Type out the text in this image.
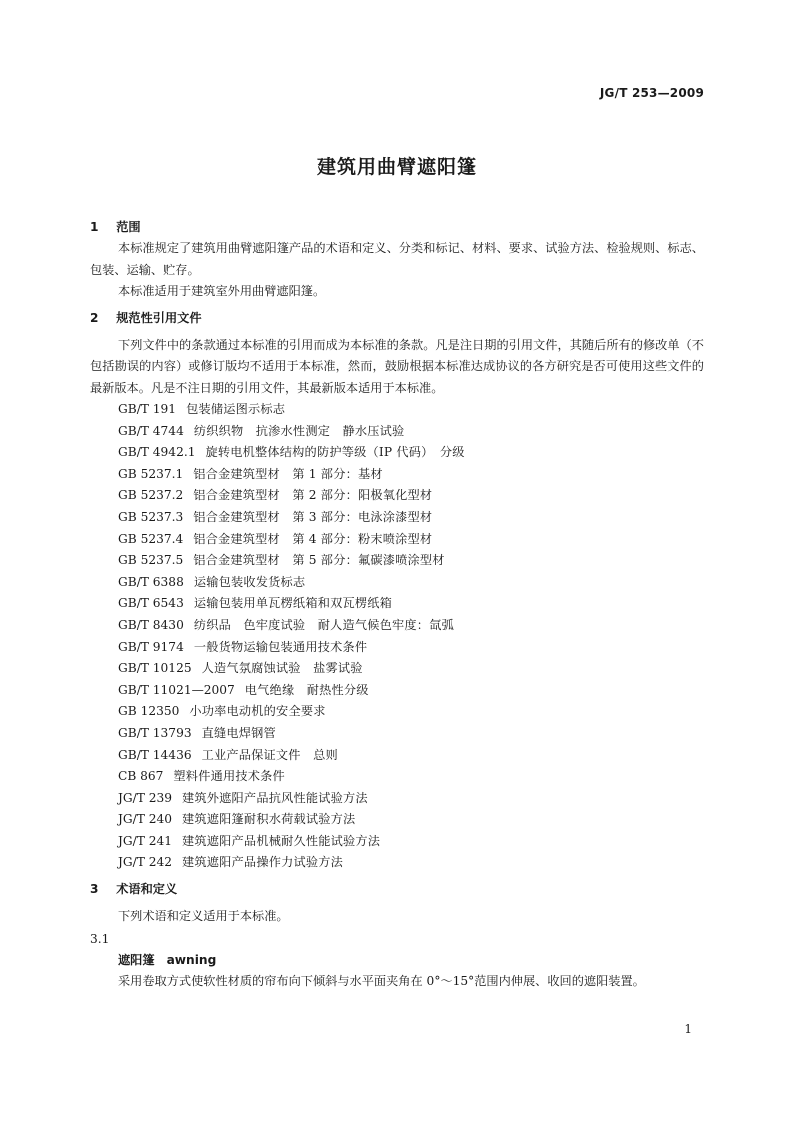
JG/T 253—2009
建筑用曲臂遮阳篷
1 范围

本标准规定了建筑用曲臂遮阳篷产品的术语和定义、分类和标记、材料、要求、试验方法、检验规则、标志、包装、运输、贮存。

本标准适用于建筑室外用曲臂遮阳篷。

2 规范性引用文件

下列文件中的条款通过本标准的引用而成为本标准的条款。凡是注日期的引用文件，其随后所有的修改单（不包括勘误的内容）或修订版均不适用于本标准，然而，鼓励根据本标准达成协议的各方研究是否可使用这些文件的最新版本。凡是不注日期的引用文件，其最新版本适用于本标准。

GB/T 191 包装储运图示标志
GB/T 4744 纺织织物　抗渗水性测定　静水压试验
GB/T 4942.1 旋转电机整体结构的防护等级（IP 代码）　分级
GB 5237.1 铝合金建筑型材　第 1 部分：基材
GB 5237.2 铝合金建筑型材　第 2 部分：阳极氧化型材
GB 5237.3 铝合金建筑型材　第 3 部分：电泳涂漆型材
GB 5237.4 铝合金建筑型材　第 4 部分：粉末喷涂型材
GB 5237.5 铝合金建筑型材　第 5 部分：氟碳漆喷涂型材
GB/T 6388 运输包装收发货标志
GB/T 6543 运输包装用单瓦楞纸箱和双瓦楞纸箱
GB/T 8430 纺织品　色牢度试验　耐人造气候色牢度：氙弧
GB/T 9174 一般货物运输包装通用技术条件
GB/T 10125 人造气氛腐蚀试验　盐雾试验
GB/T 11021—2007 电气绝缘　耐热性分级
GB 12350 小功率电动机的安全要求
GB/T 13793 直缝电焊钢管
GB/T 14436 工业产品保证文件　总则
CB 867 塑料件通用技术条件
JG/T 239 建筑外遮阳产品抗风性能试验方法
JG/T 240 建筑遮阳篷耐积水荷载试验方法
JG/T 241 建筑遮阳产品机械耐久性能试验方法
JG/T 242 建筑遮阳产品操作力试验方法
3 术语和定义

下列术语和定义适用于本标准。

3.1
遮阳篷 awning

采用卷取方式使软性材质的帘布向下倾斜与水平面夹角在 0°～15°范围内伸展、收回的遮阳装置。

1
